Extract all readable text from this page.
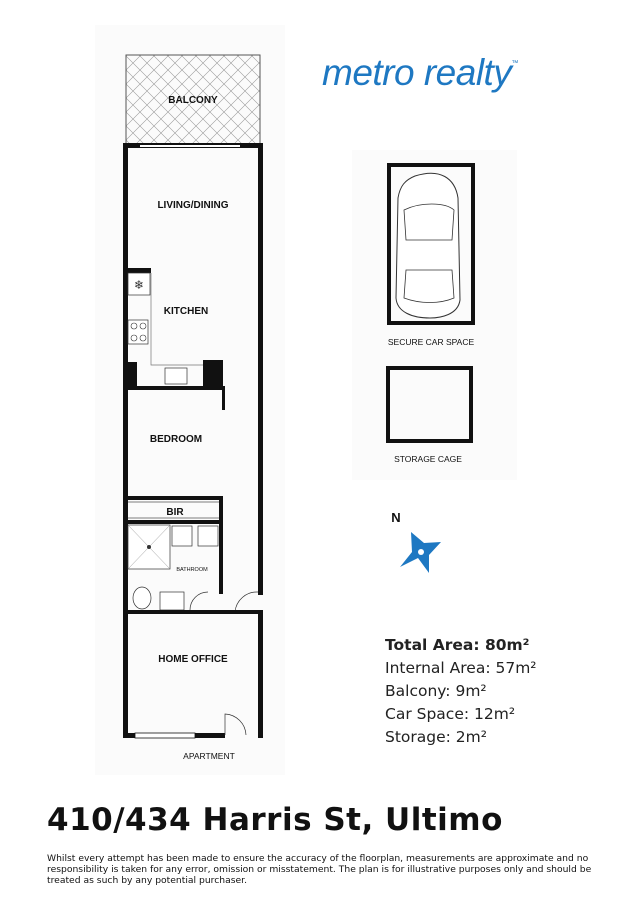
BALCONY
❄
KITCHEN
LIVING/DINING
BEDROOM
BIR
BATHROOM
HOME OFFICE
APARTMENT
SECURE CAR SPACE
STORAGE CAGE
N
metro realty™
Total Area: 80m²
Internal Area: 57m²
Balcony: 9m²
Car Space: 12m²
Storage: 2m²
410/434 Harris St, Ultimo
Whilst every attempt has been made to ensure the accuracy of the floorplan, measurements are approximate and no responsibility is taken for any error, omission or misstatement. The plan is for illustrative purposes only and should be treated as such by any potential purchaser.
